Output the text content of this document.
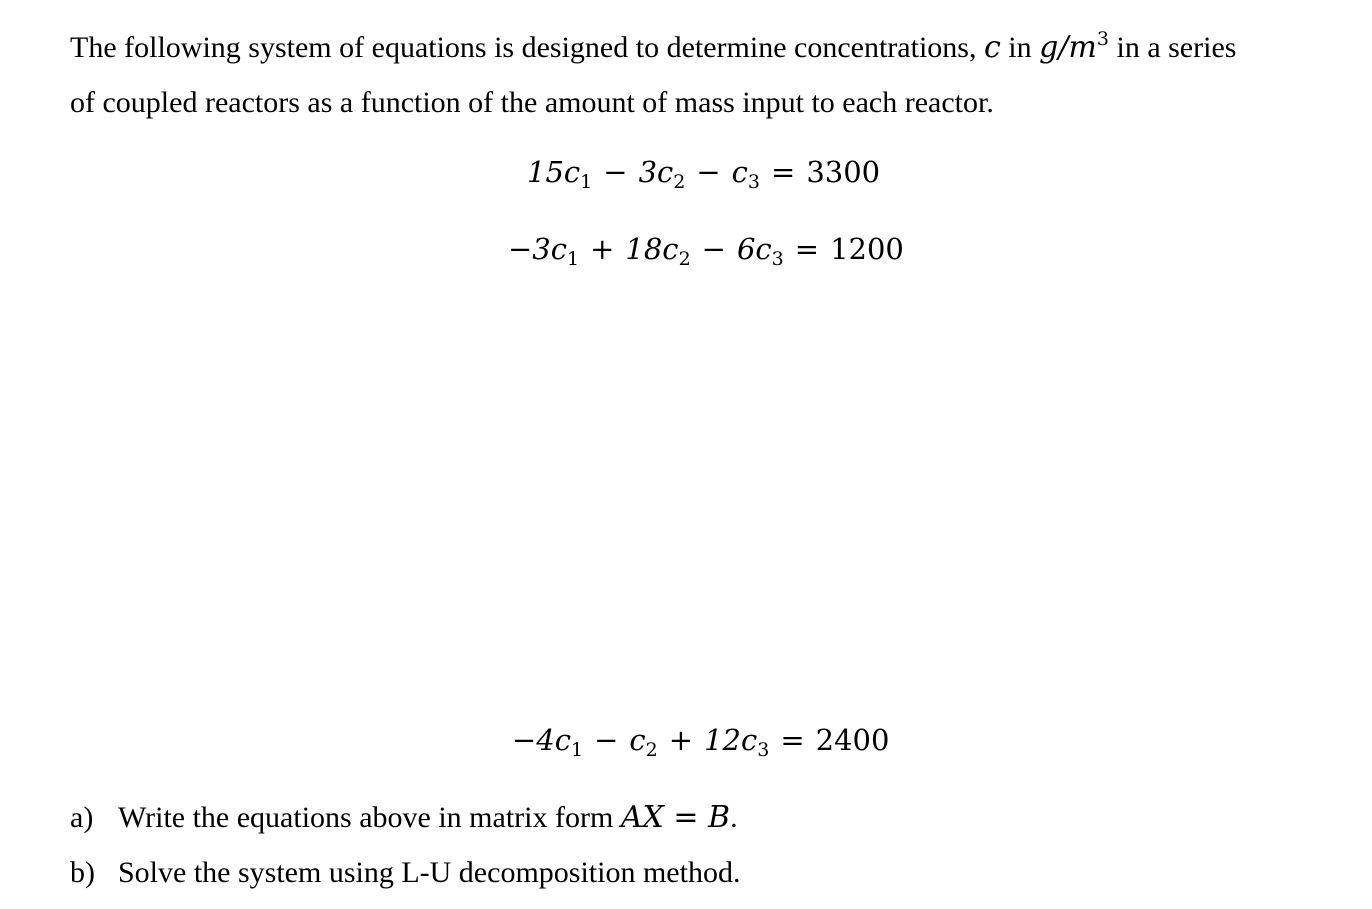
The following system of equations is designed to determine concentrations, c in $g/m^3$ in a series
of coupled reactors as a function of the amount of mass input to each reactor.
$15c_1 - 3c_2 - c_3 = 3300$
$-3c_1 + 18c_2 - 6c_3 = 1200$
$-4c_1 - c_2 + 12c_3 = 2400$
a) Write the equations above in matrix form AX = B.
b) Solve the system using L-U decomposition method.
